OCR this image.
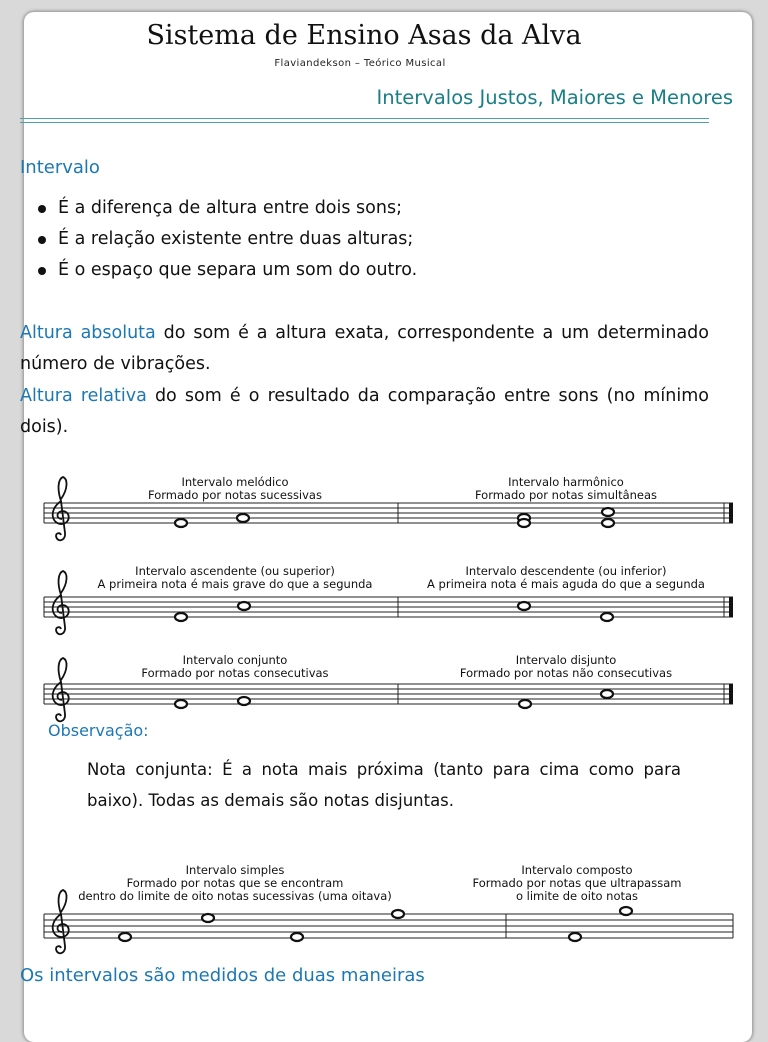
Sistema de Ensino Asas da Alva
Flaviandekson – Teórico Musical
Intervalos Justos, Maiores e Menores
Intervalo
É a diferença de altura entre dois sons;
É a relação existente entre duas alturas;
É o espaço que separa um som do outro.
Altura absoluta do som é a altura exata, correspondente a um determinado número de vibrações.
Altura relativa do som é o resultado da comparação entre sons (no mínimo dois).
Intervalo melódico
Formado por notas sucessivas
Intervalo harmônico
Formado por notas simultâneas
Intervalo ascendente (ou superior)
A primeira nota é mais grave do que a segunda
Intervalo descendente (ou inferior)
A primeira nota é mais aguda do que a segunda
Intervalo conjunto
Formado por notas consecutivas
Intervalo disjunto
Formado por notas não consecutivas
Intervalo simples
Formado por notas que se encontram
dentro do limite de oito notas sucessivas (uma oitava)
Intervalo composto
Formado por notas que ultrapassam
o limite de oito notas
Observação:
Nota conjunta: É a nota mais próxima (tanto para cima como para baixo). Todas as demais são notas disjuntas.
Os intervalos são medidos de duas maneiras
